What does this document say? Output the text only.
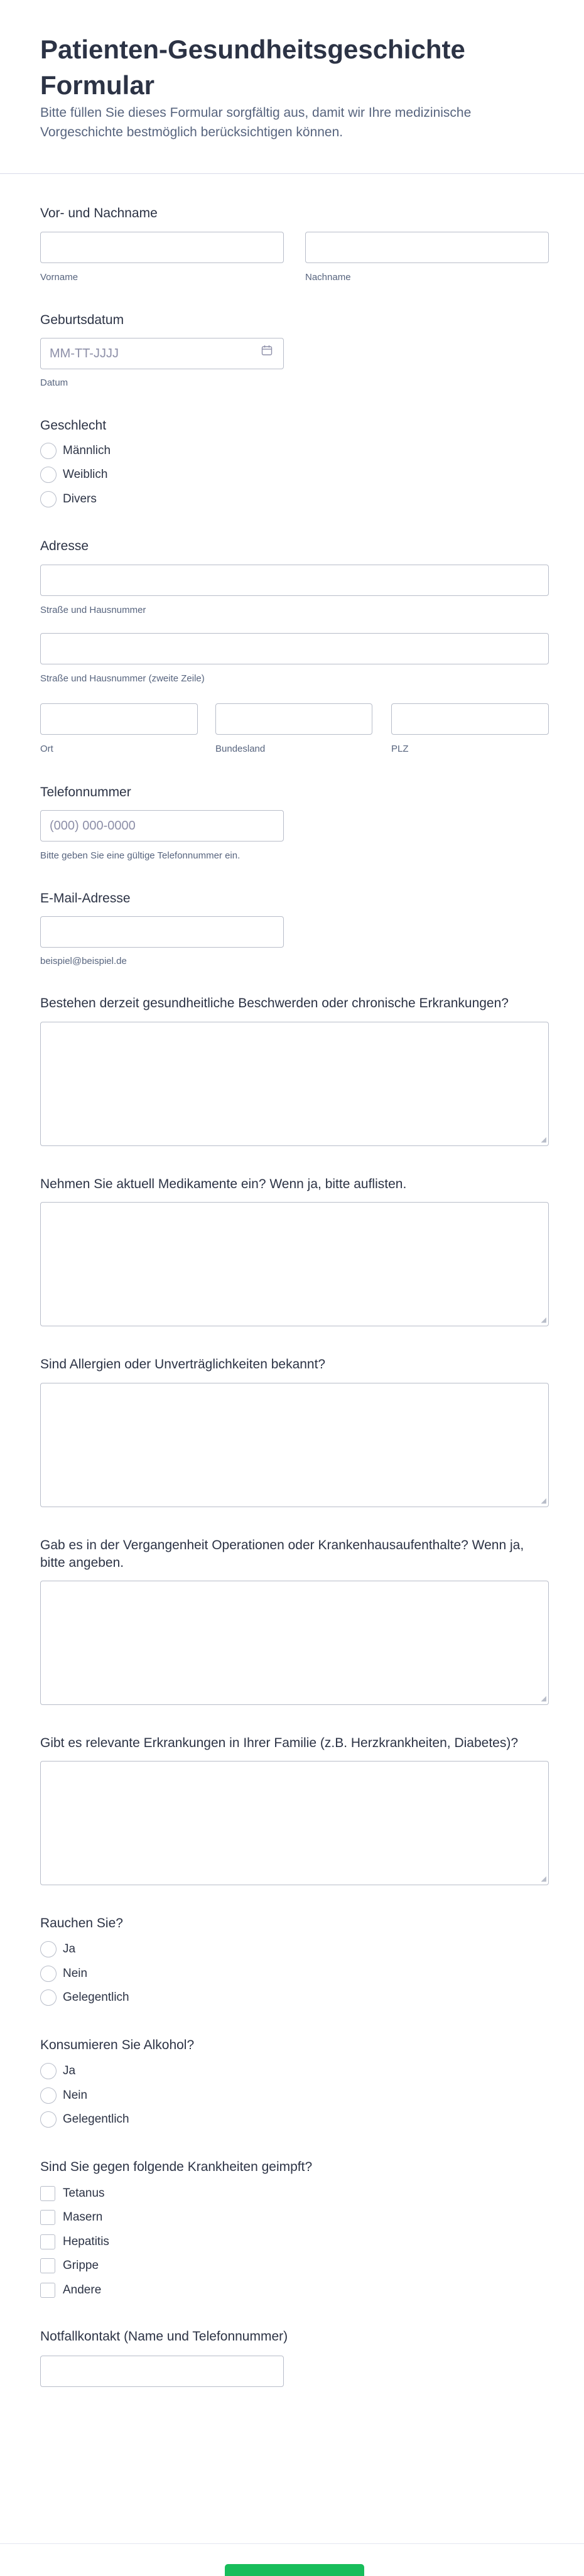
Patienten-Gesundheitsgeschichte Formular

Bitte füllen Sie dieses Formular sorgfältig aus, damit wir Ihre medizinische Vorgeschichte bestmöglich berücksichtigen können.

Vor- und Nachname
Vorname	Nachname
Geburtsdatum
MM-TT-JJJJ
Datum
Geschlecht
Männlich
Weiblich
Divers
Adresse
Straße und Hausnummer
Straße und Hausnummer (zweite Zeile)
Ort	Bundesland	PLZ
Telefonnummer
(000) 000-0000
Bitte geben Sie eine gültige Telefonnummer ein.
E-Mail-Adresse
beispiel@beispiel.de
Bestehen derzeit gesundheitliche Beschwerden oder chronische Erkrankungen?
◢
Nehmen Sie aktuell Medikamente ein? Wenn ja, bitte auflisten.
◢
Sind Allergien oder Unverträglichkeiten bekannt?
◢
Gab es in der Vergangenheit Operationen oder Krankenhausaufenthalte? Wenn ja, bitte angeben.
◢
Gibt es relevante Erkrankungen in Ihrer Familie (z.B. Herzkrankheiten, Diabetes)?
◢
Rauchen Sie?
Ja
Nein
Gelegentlich
Konsumieren Sie Alkohol?
Ja
Nein
Gelegentlich
Sind Sie gegen folgende Krankheiten geimpft?
Tetanus
Masern
Hepatitis
Grippe
Andere
Notfallkontakt (Name und Telefonnummer)
